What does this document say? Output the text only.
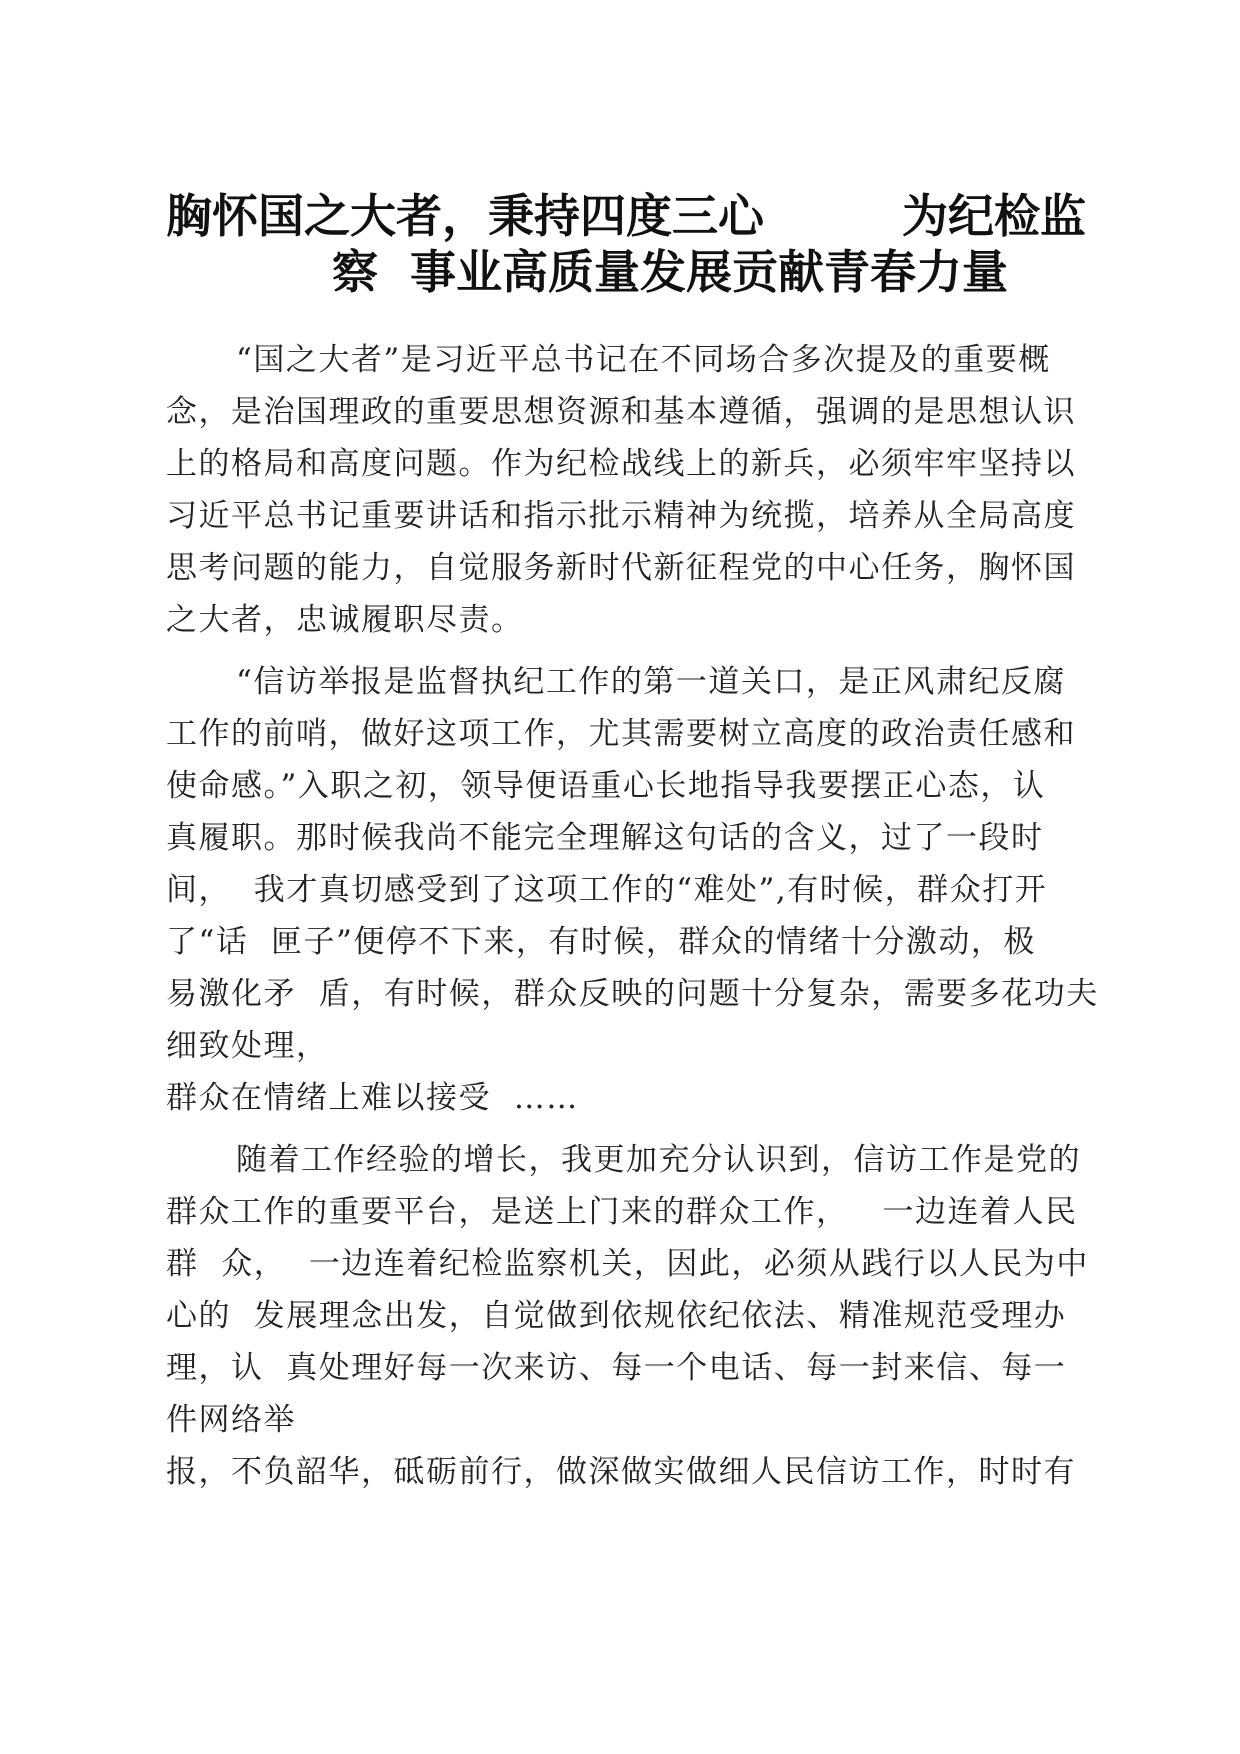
胸怀国之大者，秉持四度三心　　　为纪检监
察  事业高质量发展贡献青春力量

“国之大者”是习近平总书记在不同场合多次提及的重要概

念，是治国理政的重要思想资源和基本遵循，强调的是思想认识

上的格局和高度问题。作为纪检战线上的新兵，必须牢牢坚持以

习近平总书记重要讲话和指示批示精神为统揽，培养从全局高度

思考问题的能力，自觉服务新时代新征程党的中心任务，胸怀国

之大者，忠诚履职尽责。

“信访举报是监督执纪工作的第一道关口，是正风肃纪反腐

工作的前哨，做好这项工作，尤其需要树立高度的政治责任感和

使命感。”入职之初，领导便语重心长地指导我要摆正心态，认

真履职。那时候我尚不能完全理解这句话的含义，过了一段时

间，  我才真切感受到了这项工作的“难处”,有时候，群众打开

了“话  匣子”便停不下来，有时候，群众的情绪十分激动，极

易激化矛  盾，有时候，群众反映的问题十分复杂，需要多花功夫

细致处理，

群众在情绪上难以接受  ……

随着工作经验的增长，我更加充分认识到，信访工作是党的

群众工作的重要平台，是送上门来的群众工作，   一边连着人民

群  众，  一边连着纪检监察机关，因此，必须从践行以人民为中

心的  发展理念出发，自觉做到依规依纪依法、精准规范受理办

理，认  真处理好每一次来访、每一个电话、每一封来信、每一

件网络举

报，不负韶华，砥砺前行，做深做实做细人民信访工作，时时有
